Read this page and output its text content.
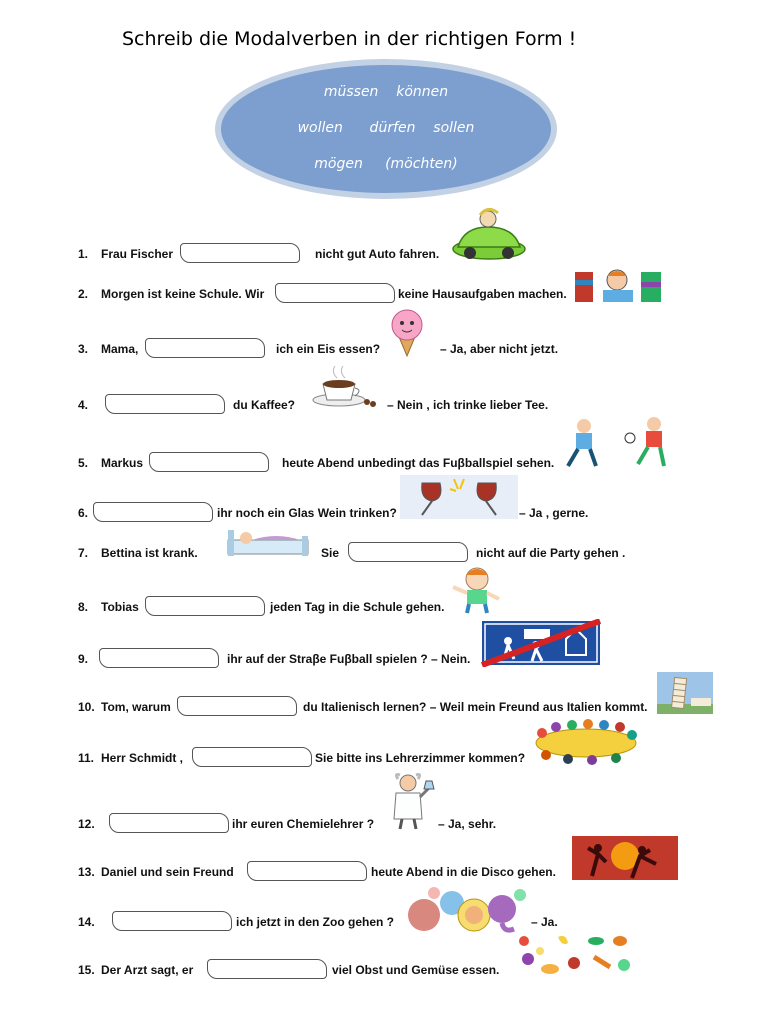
Schreib die Modalverben in der richtigen Form !
müssen    können
wollen      dürfen    sollen
mögen     (möchten)
1. Frau Fischer	nicht gut Auto fahren.
2. Morgen ist keine Schule. Wir	keine Hausaufgaben machen.
3. Mama,	ich ein Eis essen?	– Ja, aber nicht jetzt.
4.	du Kaffee?	– Nein , ich trinke lieber Tee.
5. Markus	heute Abend unbedingt das Fuβballspiel sehen.
6.	ihr noch ein Glas Wein trinken?	– Ja , gerne.
7. Bettina ist krank.	Sie	nicht auf die Party gehen .
8. Tobias	jeden Tag in die Schule gehen.
9.	ihr auf der Straβe Fuβball spielen ? – Nein.
10. Tom, warum	du Italienisch lernen? – Weil mein Freund aus Italien kommt.
11. Herr Schmidt ,	Sie bitte ins Lehrerzimmer kommen?
12.	ihr euren Chemielehrer ?	– Ja, sehr.
13. Daniel und sein Freund	heute Abend in die Disco gehen.
14.	ich jetzt in den Zoo gehen ?	– Ja.
15. Der Arzt sagt, er	viel Obst und Gemüse essen.
